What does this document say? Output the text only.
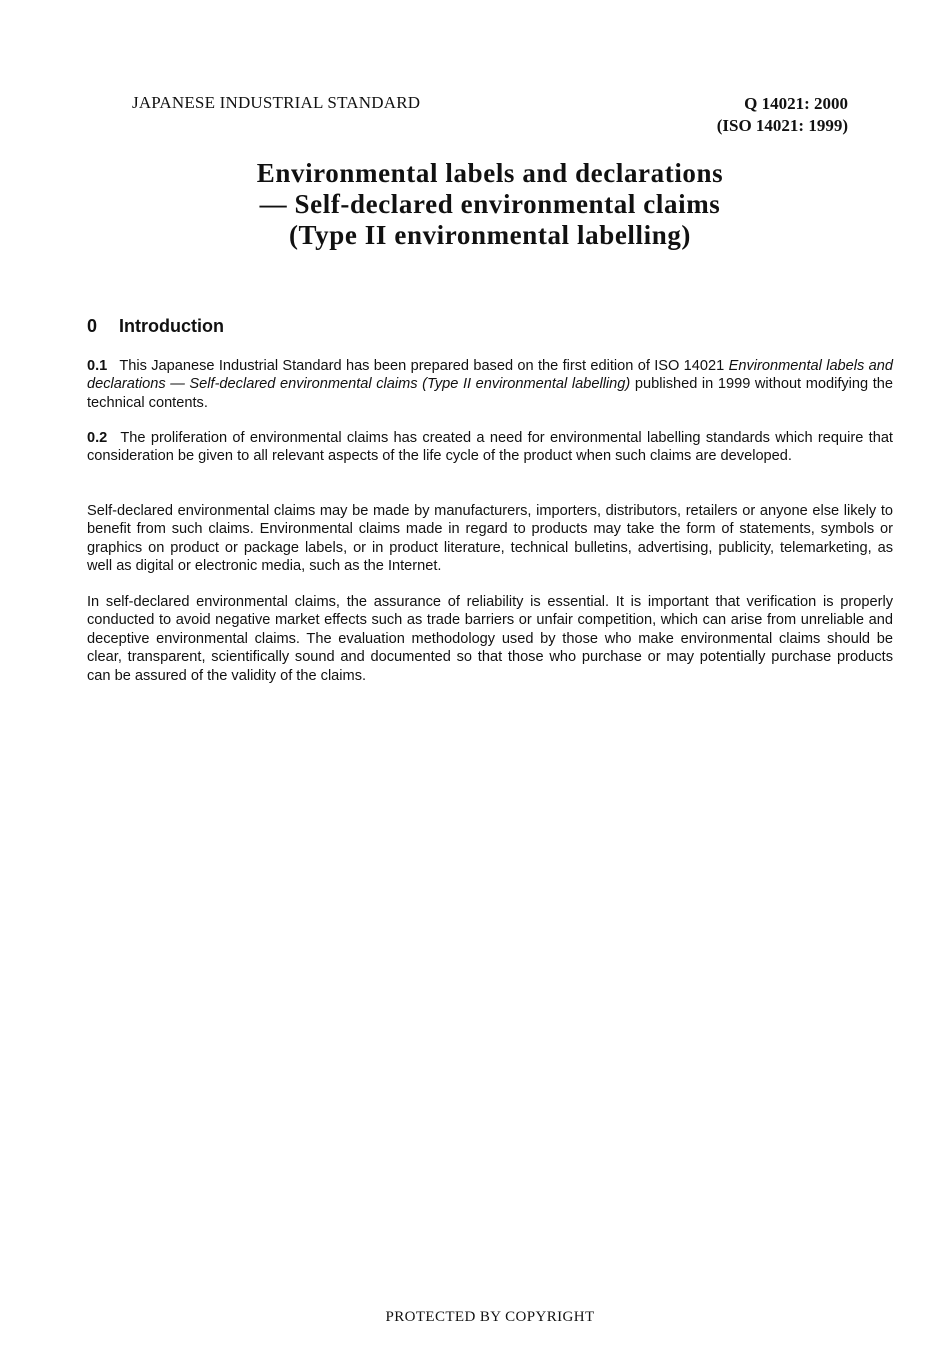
JAPANESE INDUSTRIAL STANDARD	Q 14021: 2000
(ISO 14021: 1999)
Environmental labels and declarations
— Self-declared environmental claims
(Type II environmental labelling)
0 Introduction
0.1 This Japanese Industrial Standard has been prepared based on the first edition of ISO 14021 Environmental labels and declarations — Self-declared environmental claims (Type II environmental labelling) published in 1999 without modifying the technical contents.
0.2 The proliferation of environmental claims has created a need for environmental labelling standards which require that consideration be given to all relevant aspects of the life cycle of the product when such claims are developed.
Self-declared environmental claims may be made by manufacturers, importers, distributors, retailers or anyone else likely to benefit from such claims. Environmental claims made in regard to products may take the form of statements, symbols or graphics on product or package labels, or in product literature, technical bulletins, advertising, publicity, telemarketing, as well as digital or electronic media, such as the Internet.
In self-declared environmental claims, the assurance of reliability is essential. It is important that verification is properly conducted to avoid negative market effects such as trade barriers or unfair competition, which can arise from unreliable and deceptive environmental claims. The evaluation methodology used by those who make environmental claims should be clear, transparent, scientifically sound and documented so that those who purchase or may potentially purchase products can be assured of the validity of the claims.
PROTECTED BY COPYRIGHT
